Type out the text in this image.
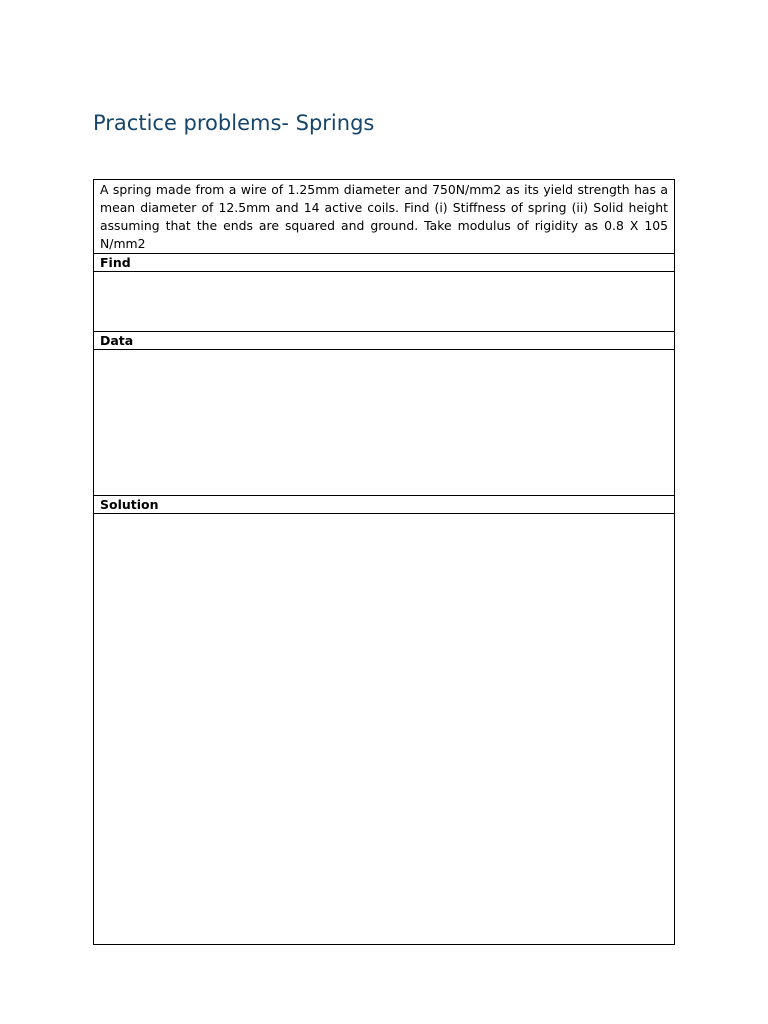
Practice problems- Springs
A spring made from a wire of 1.25mm diameter and 750N/mm2 as its yield strength has a mean diameter of 12.5mm and 14 active coils. Find (i) Stiffness of spring (ii) Solid height assuming that the ends are squared and ground. Take modulus of rigidity as 0.8 X 105 N/mm2
Find

Data

Solution
